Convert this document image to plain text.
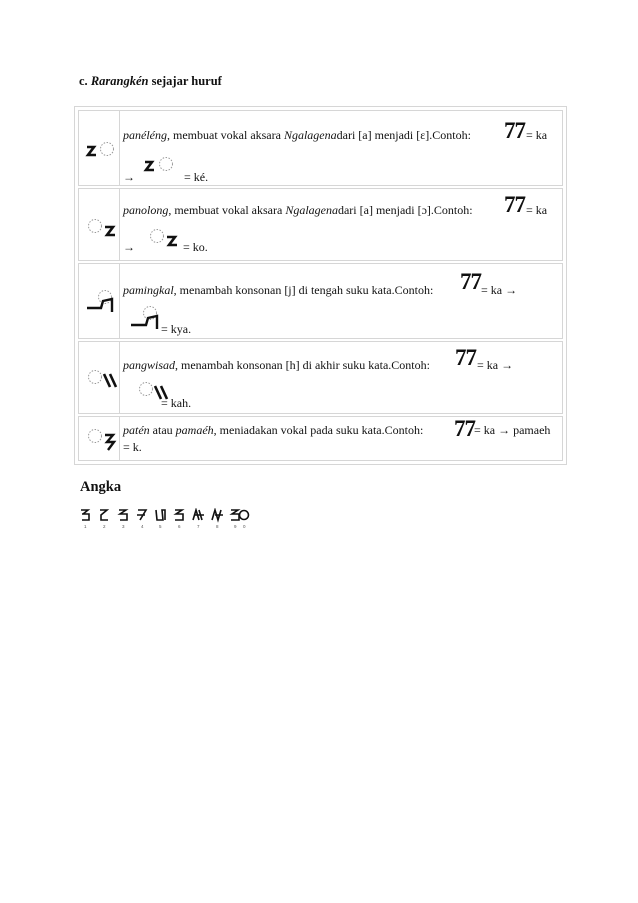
c. Rarangkén sejajar huruf
panéléng, membuat vokal aksara Ngalagenadari [a] menjadi [ɛ].Contoh: 77 = ka
→	= ké.
panolong, membuat vokal aksara Ngalagenadari [a] menjadi [ɔ].Contoh: 77 = ka
→	= ko.
pamingkal, menambah konsonan [j] di tengah suku kata.Contoh: 77 = ka →
= kya.
pangwisad, menambah konsonan [h] di akhir suku kata.Contoh: 77 = ka →
= kah.
patén atau pamaéh, meniadakan vokal pada suku kata.Contoh: 77 = ka → pamaeh
= k.
Angka
1	2	3	4	5	6	7	8	9 0
